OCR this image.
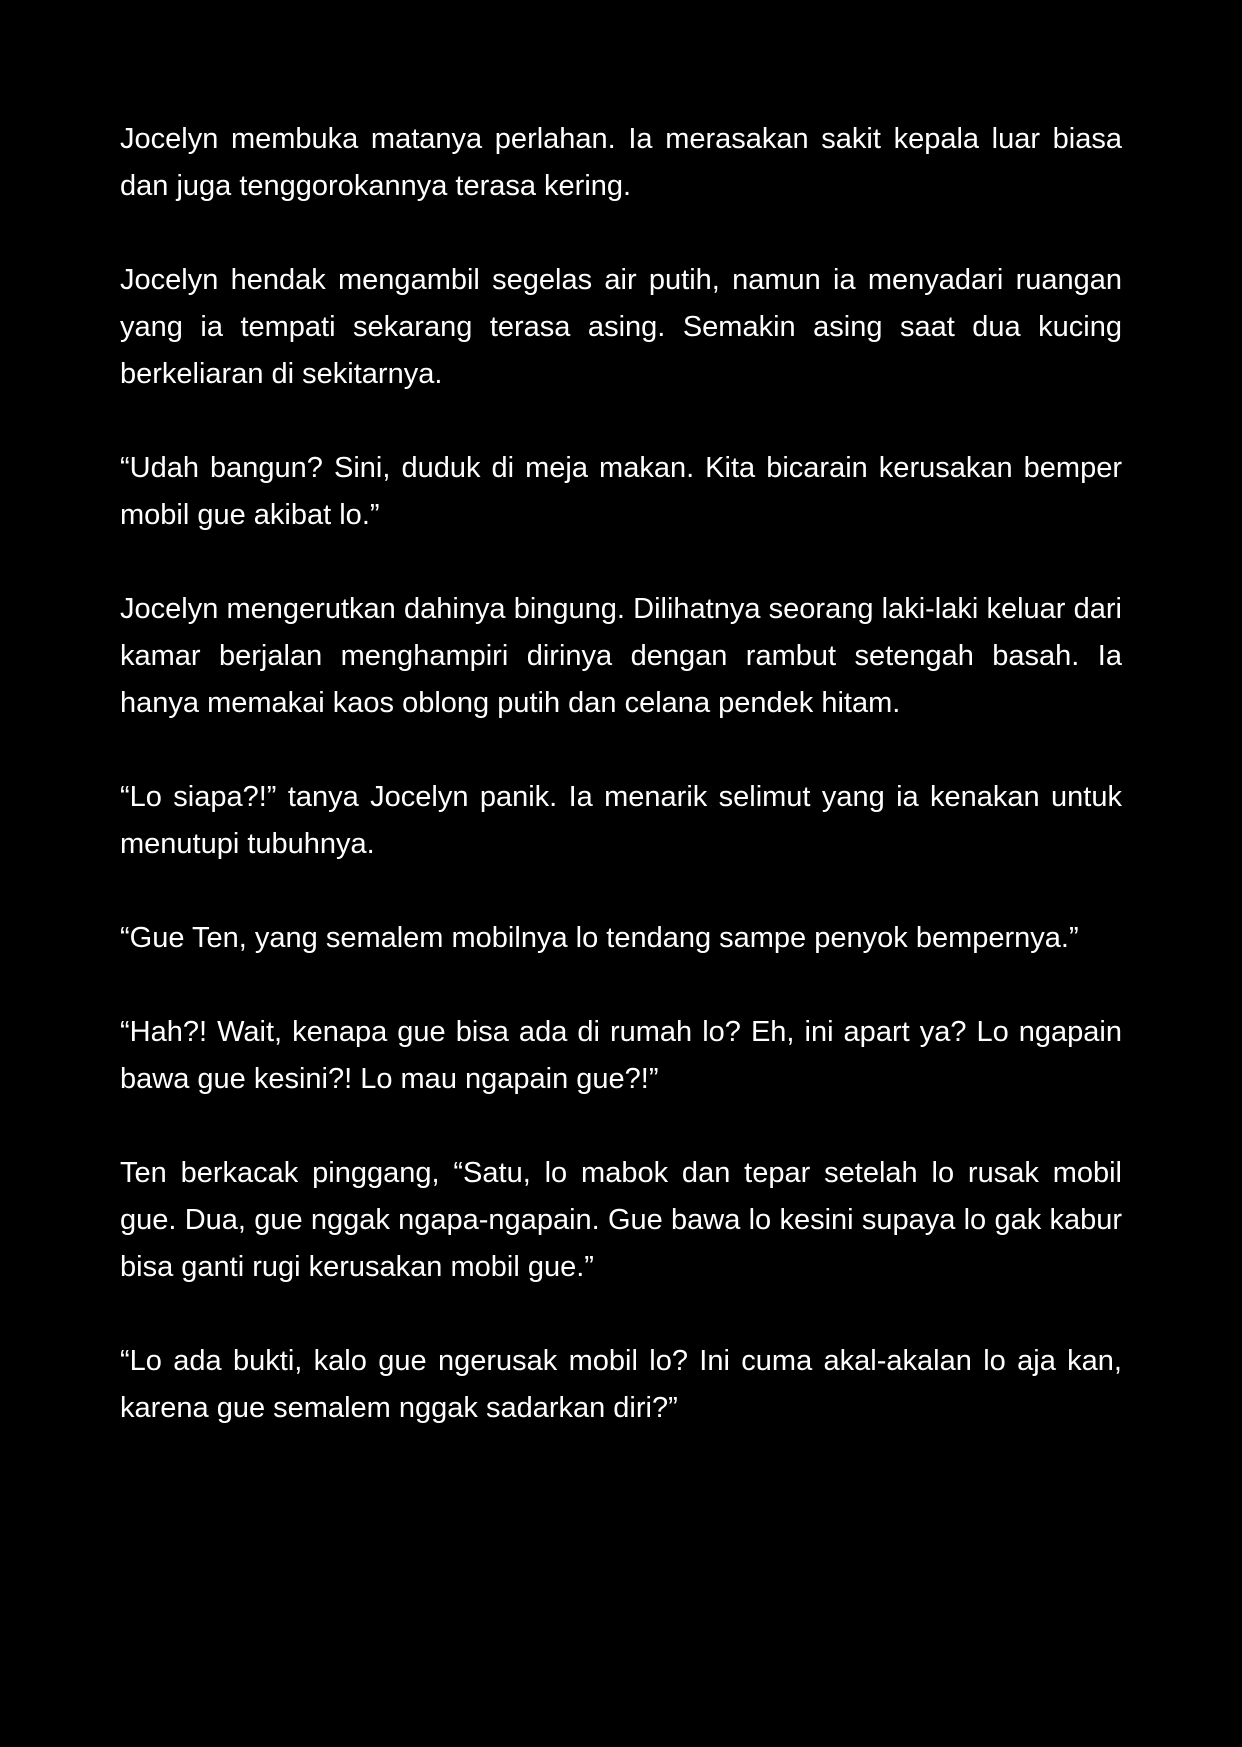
Jocelyn membuka matanya perlahan. Ia merasakan sakit kepala luar biasa dan juga tenggorokannya terasa kering.

Jocelyn hendak mengambil segelas air putih, namun ia menyadari ruangan yang ia tempati sekarang terasa asing. Semakin asing saat dua kucing berkeliaran di sekitarnya.

“Udah bangun? Sini, duduk di meja makan. Kita bicarain kerusakan bemper mobil gue akibat lo.”

Jocelyn mengerutkan dahinya bingung. Dilihatnya seorang laki-laki keluar dari kamar berjalan menghampiri dirinya dengan rambut setengah basah. Ia hanya memakai kaos oblong putih dan celana pendek hitam.

“Lo siapa?!” tanya Jocelyn panik. Ia menarik selimut yang ia kenakan untuk menutupi tubuhnya.

“Gue Ten, yang semalem mobilnya lo tendang sampe penyok bempernya.”

“Hah?! Wait, kenapa gue bisa ada di rumah lo? Eh, ini apart ya? Lo ngapain bawa gue kesini?! Lo mau ngapain gue?!”

Ten berkacak pinggang, “Satu, lo mabok dan tepar setelah lo rusak mobil gue. Dua, gue nggak ngapa-ngapain. Gue bawa lo kesini supaya lo gak kabur bisa ganti rugi kerusakan mobil gue.”

“Lo ada bukti, kalo gue ngerusak mobil lo? Ini cuma akal-akalan lo aja kan, karena gue semalem nggak sadarkan diri?”
